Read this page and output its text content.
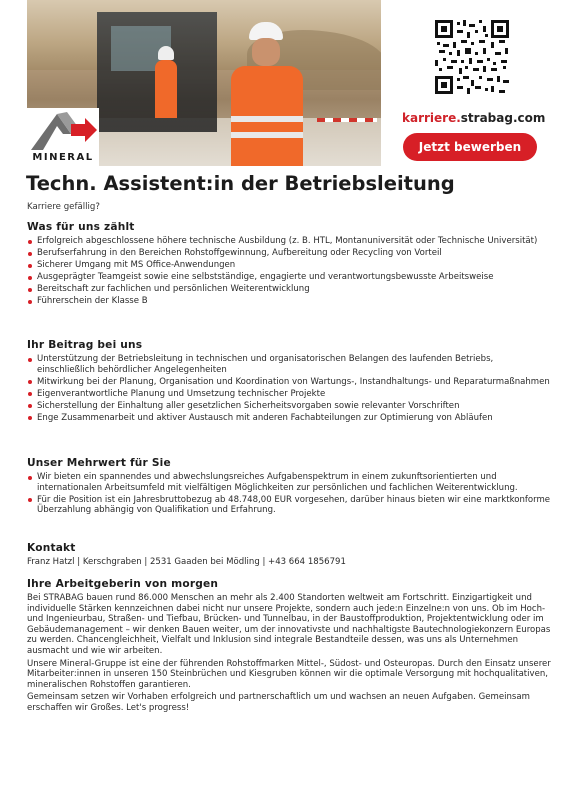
MINERAL
karriere.strabag.com
Jetzt bewerben
Techn. Assistent:in der Betriebsleitung
Karriere gefällig?
Was für uns zählt
Erfolgreich abgeschlossene höhere technische Ausbildung (z. B. HTL, Montanuniversität oder Technische Universität)
Berufserfahrung in den Bereichen Rohstoffgewinnung, Aufbereitung oder Recycling von Vorteil
Sicherer Umgang mit MS Office-Anwendungen
Ausgeprägter Teamgeist sowie eine selbstständige, engagierte und verantwortungsbewusste Arbeitsweise
Bereitschaft zur fachlichen und persönlichen Weiterentwicklung
Führerschein der Klasse B
Ihr Beitrag bei uns
Unterstützung der Betriebsleitung in technischen und organisatorischen Belangen des laufenden Betriebs, einschließlich behördlicher Angelegenheiten
Mitwirkung bei der Planung, Organisation und Koordination von Wartungs-, Instandhaltungs- und Reparaturmaßnahmen
Eigenverantwortliche Planung und Umsetzung technischer Projekte
Sicherstellung der Einhaltung aller gesetzlichen Sicherheitsvorgaben sowie relevanter Vorschriften
Enge Zusammenarbeit und aktiver Austausch mit anderen Fachabteilungen zur Optimierung von Abläufen
Unser Mehrwert für Sie
Wir bieten ein spannendes und abwechslungsreiches Aufgabenspektrum in einem zukunftsorientierten und internationalen Arbeitsumfeld mit vielfältigen Möglichkeiten zur persönlichen und fachlichen Weiterentwicklung.
Für die Position ist ein Jahresbruttobezug ab 48.748,00 EUR vorgesehen, darüber hinaus bieten wir eine marktkonforme Überzahlung abhängig von Qualifikation und Erfahrung.
Kontakt

Franz Hatzl | Kerschgraben | 2531 Gaaden bei Mödling | +43 664 1856791

Ihre Arbeitgeberin von morgen

Bei STRABAG bauen rund 86.000 Menschen an mehr als 2.400 Standorten weltweit am Fortschritt. Einzigartigkeit und individuelle Stärken kennzeichnen dabei nicht nur unsere Projekte, sondern auch jede:n Einzelne:n von uns. Ob im Hoch- und Ingenieurbau, Straßen- und Tiefbau, Brücken- und Tunnelbau, in der Baustoffproduktion, Projektentwicklung oder im Gebäudemanagement – wir denken Bauen weiter, um der innovativste und nachhaltigste Bautechnologiekonzern Europas zu werden. Chancengleichheit, Vielfalt und Inklusion sind integrale Bestandteile dessen, was uns als Unternehmen ausmacht und wie wir arbeiten.

Unsere Mineral-Gruppe ist eine der führenden Rohstoffmarken Mittel-, Südost- und Osteuropas. Durch den Einsatz unserer Mitarbeiter:innen in unseren 150 Steinbrüchen und Kiesgruben können wir die optimale Versorgung mit hochqualitativen, mineralischen Rohstoffen garantieren.

Gemeinsam setzen wir Vorhaben erfolgreich und partnerschaftlich um und wachsen an neuen Aufgaben. Gemeinsam erschaffen wir Großes. Let's progress!
